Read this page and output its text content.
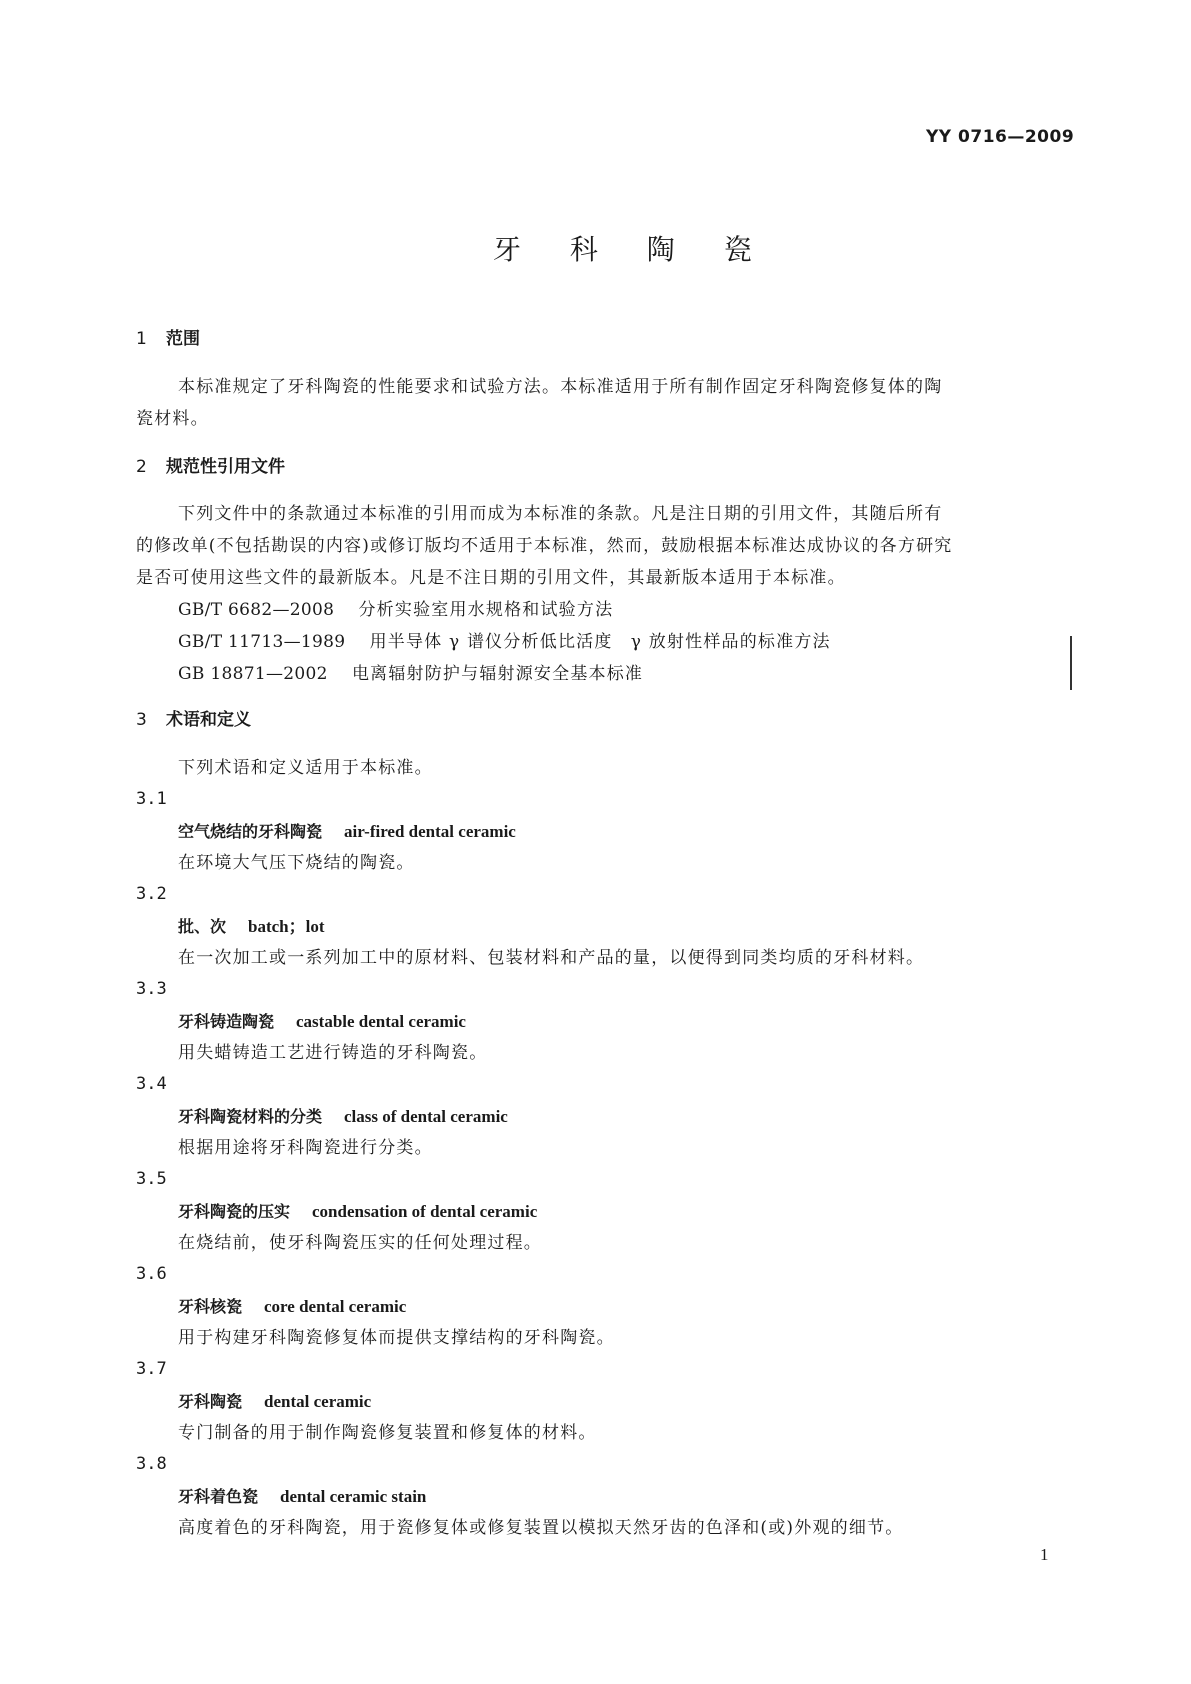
YY 0716—2009
牙 科 陶 瓷
1 范围
本标准规定了牙科陶瓷的性能要求和试验方法。本标准适用于所有制作固定牙科陶瓷修复体的陶
瓷材料。
2 规范性引用文件
下列文件中的条款通过本标准的引用而成为本标准的条款。凡是注日期的引用文件，其随后所有
的修改单(不包括勘误的内容)或修订版均不适用于本标准，然而，鼓励根据本标准达成协议的各方研究
是否可使用这些文件的最新版本。凡是不注日期的引用文件，其最新版本适用于本标准。
GB/T 6682—2008　 分析实验室用水规格和试验方法
GB/T 11713—1989　 用半导体 γ 谱仪分析低比活度　γ 放射性样品的标准方法
GB 18871—2002　 电离辐射防护与辐射源安全基本标准
3 术语和定义
下列术语和定义适用于本标准。
3.1
空气烧结的牙科陶瓷 air-fired dental ceramic
在环境大气压下烧结的陶瓷。
3.2
批、次 batch；lot
在一次加工或一系列加工中的原材料、包装材料和产品的量，以便得到同类均质的牙科材料。
3.3
牙科铸造陶瓷 castable dental ceramic
用失蜡铸造工艺进行铸造的牙科陶瓷。
3.4
牙科陶瓷材料的分类 class of dental ceramic
根据用途将牙科陶瓷进行分类。
3.5
牙科陶瓷的压实 condensation of dental ceramic
在烧结前，使牙科陶瓷压实的任何处理过程。
3.6
牙科核瓷 core dental ceramic
用于构建牙科陶瓷修复体而提供支撑结构的牙科陶瓷。
3.7
牙科陶瓷 dental ceramic
专门制备的用于制作陶瓷修复装置和修复体的材料。
3.8
牙科着色瓷 dental ceramic stain
高度着色的牙科陶瓷，用于瓷修复体或修复装置以模拟天然牙齿的色泽和(或)外观的细节。
1
